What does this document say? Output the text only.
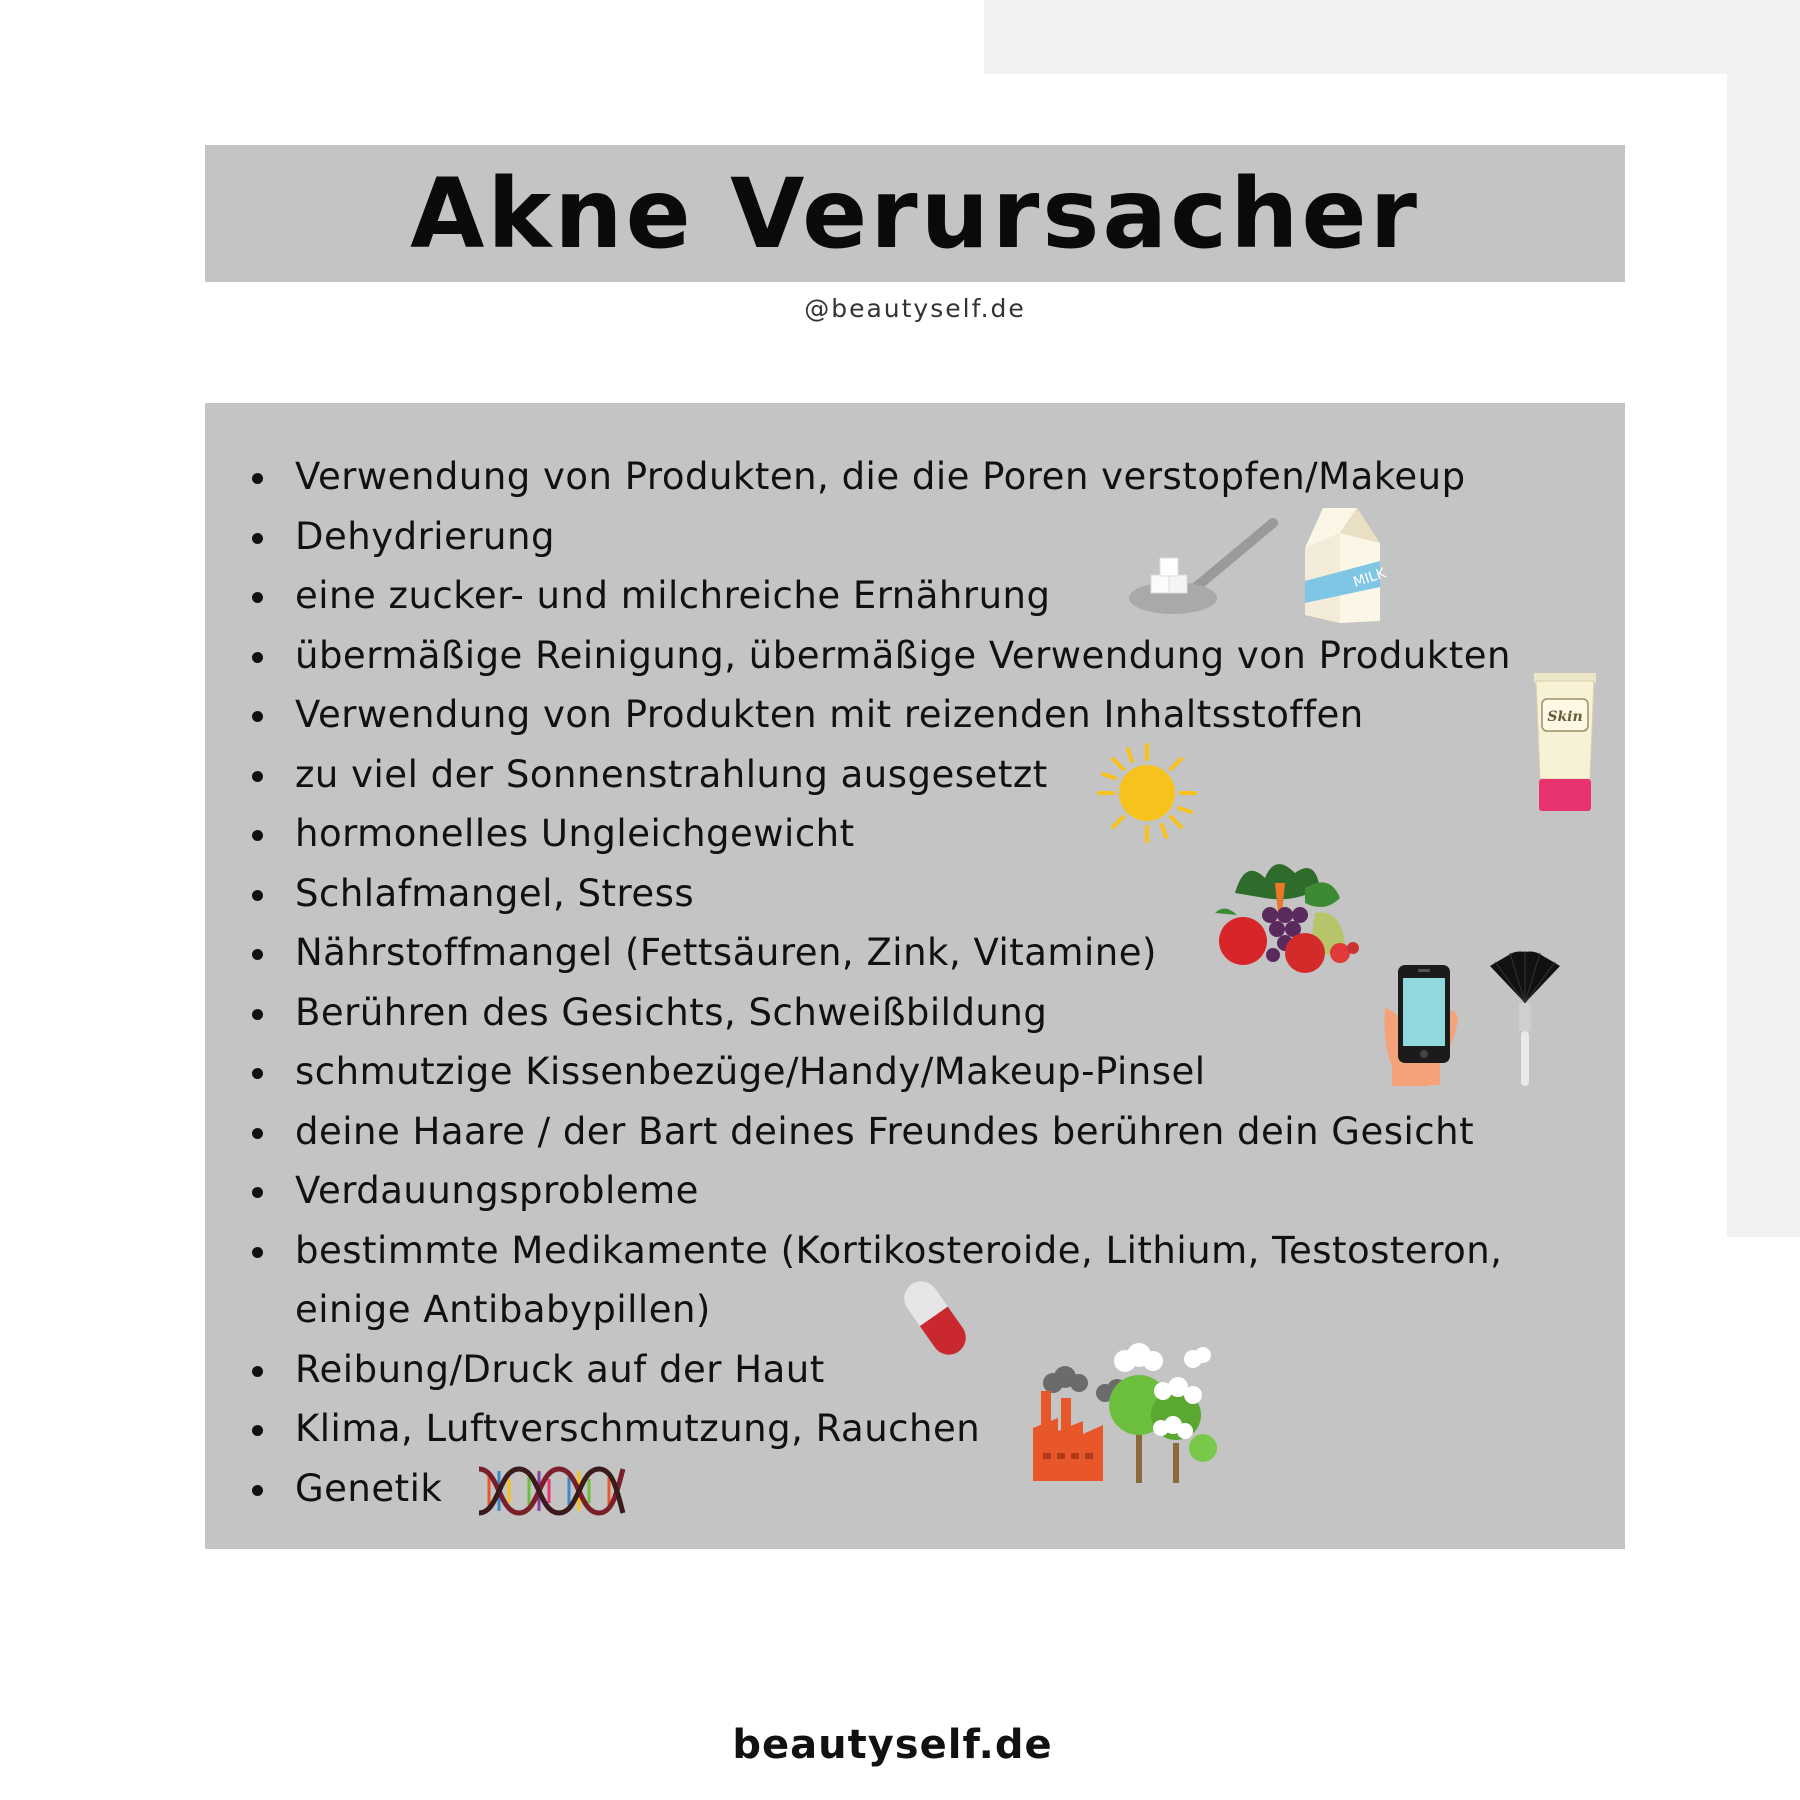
Akne Verursacher
@beautyself.de
Verwendung von Produkten, die die Poren verstopfen/Makeup
Dehydrierung
eine zucker- und milchreiche Ernährung
übermäßige Reinigung, übermäßige Verwendung von Produkten
Verwendung von Produkten mit reizenden Inhaltsstoffen
zu viel der Sonnenstrahlung ausgesetzt
hormonelles Ungleichgewicht
Schlafmangel, Stress
Nährstoffmangel (Fettsäuren, Zink, Vitamine)
Berühren des Gesichts, Schweißbildung
schmutzige Kissenbezüge/Handy/Makeup-Pinsel
deine Haare / der Bart deines Freundes berühren dein Gesicht
Verdauungsprobleme
bestimmte Medikamente (Kortikosteroide, Lithium, Testosteron,
einige Antibabypillen)
Reibung/Druck auf der Haut
Klima, Luftverschmutzung, Rauchen
Genetik
MILK
Skin
beautyself.de
